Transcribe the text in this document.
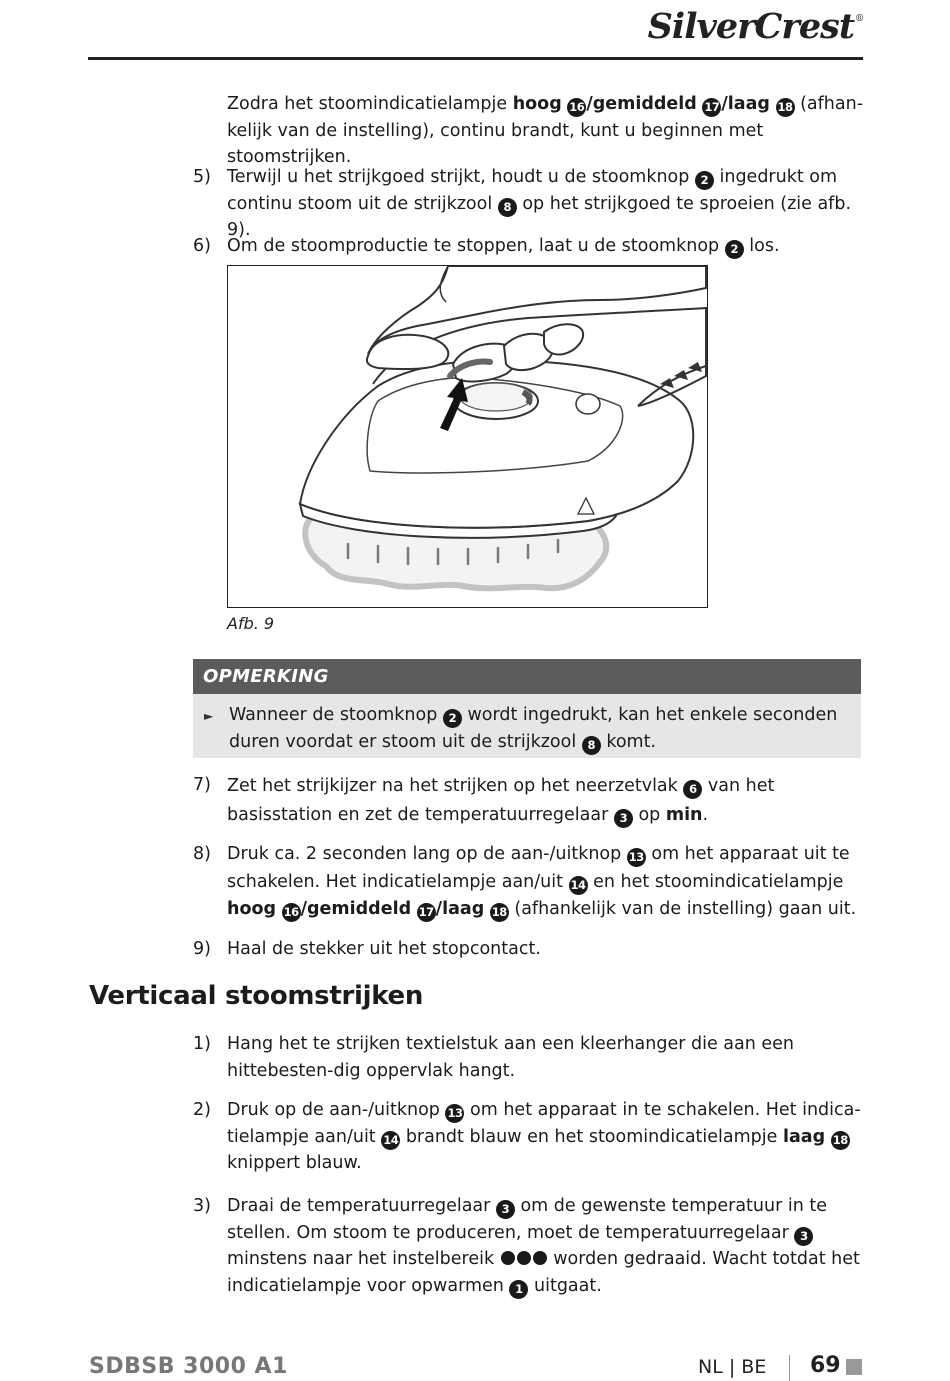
SilverCrest®
Zodra het stoomindicatielampje hoog 16 /gemiddeld 17 /laag 18 (afhan-kelijk van de instelling), continu brandt, kunt u beginnen met stoomstrijken.
5) Terwijl u het strijkgoed strijkt, houdt u de stoomknop 2 ingedrukt om continu stoom uit de strijkzool 8 op het strijkgoed te sproeien (zie afb. 9).
6) Om de stoomproductie te stoppen, laat u de stoomknop 2 los.
Afb. 9
OPMERKING
► Wanneer de stoomknop 2 wordt ingedrukt, kan het enkele seconden duren voordat er stoom uit de strijkzool 8 komt.
7) Zet het strijkijzer na het strijken op het neerzetvlak 6 van het basisstation en zet de temperatuurregelaar 3 op min.
8) Druk ca. 2 seconden lang op de aan-/uitknop 13 om het apparaat uit te schakelen. Het indicatielampje aan/uit 14 en het stoomindicatielampje hoog 16 /gemiddeld 17 /laag 18 (afhankelijk van de instelling) gaan uit.
9) Haal de stekker uit het stopcontact.
Verticaal stoomstrijken
1) Hang het te strijken textielstuk aan een kleerhanger die aan een hittebesten-dig oppervlak hangt.
2) Druk op de aan-/uitknop 13 om het apparaat in te schakelen. Het indica-tielampje aan/uit 14 brandt blauw en het stoomindicatielampje laag 18 knippert blauw.
3) Draai de temperatuurregelaar 3 om de gewenste temperatuur in te stellen. Om stoom te produceren, moet de temperatuurregelaar 3 minstens naar het instelbereik	worden gedraaid. Wacht totdat het indicatielampje voor opwarmen 1 uitgaat.
SDBSB 3000 A1	NL | BE 69
